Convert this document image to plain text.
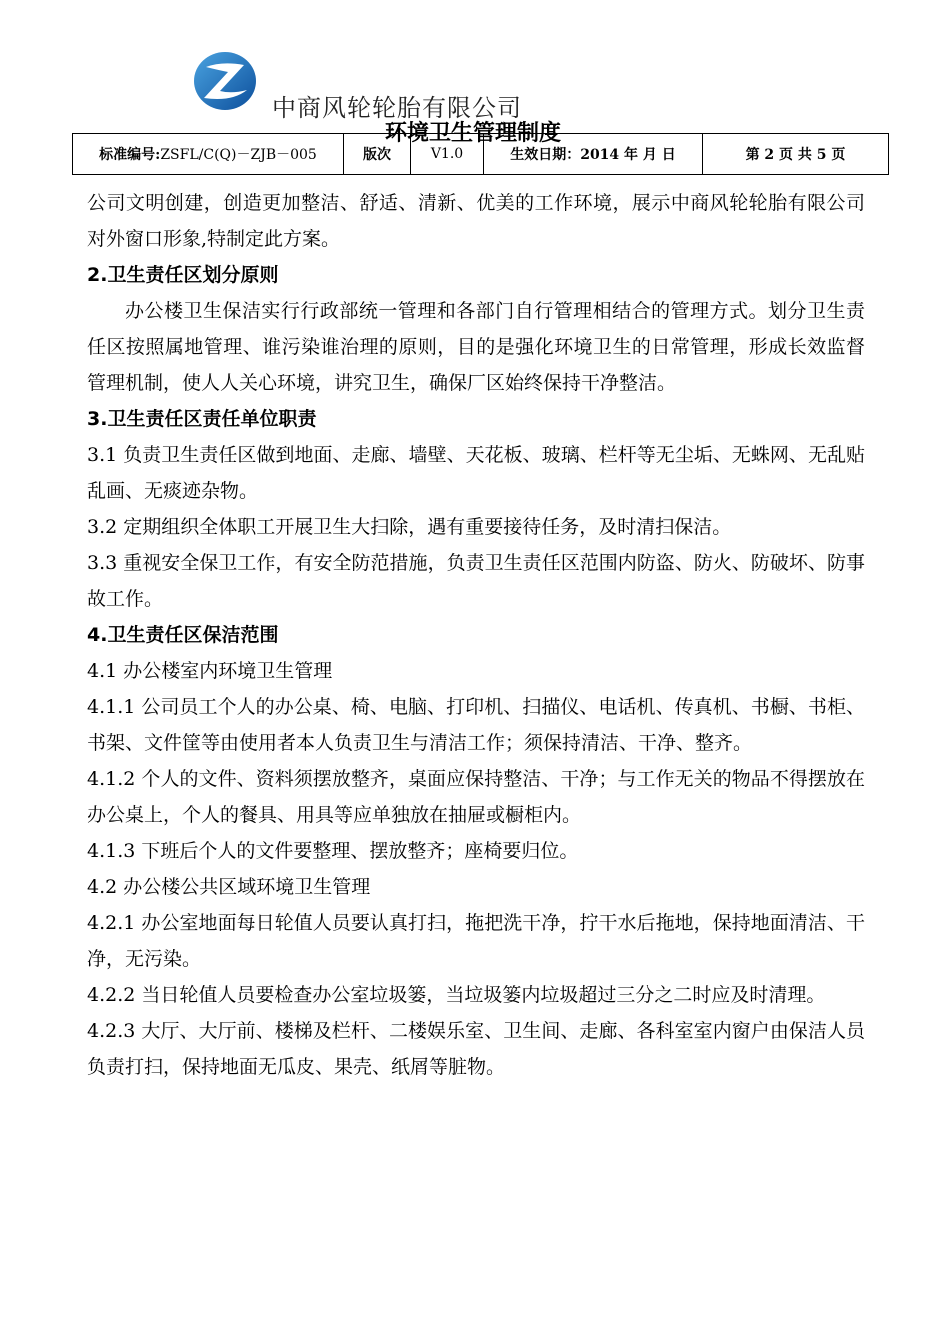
中商风轮轮胎有限公司
环境卫生管理制度
标准编号:ZSFL/C(Q)－ZJB－005	版次	V1.0	生效日期：2014 年 月 日	第 2 页 共 5 页

公司文明创建，创造更加整洁、舒适、清新、优美的工作环境，展示中商风轮轮胎有限公司对外窗口形象,特制定此方案。

2.卫生责任区划分原则

办公楼卫生保洁实行行政部统一管理和各部门自行管理相结合的管理方式。划分卫生责任区按照属地管理、谁污染谁治理的原则，目的是强化环境卫生的日常管理，形成长效监督管理机制，使人人关心环境，讲究卫生，确保厂区始终保持干净整洁。

3.卫生责任区责任单位职责

3.1 负责卫生责任区做到地面、走廊、墙壁、天花板、玻璃、栏杆等无尘垢、无蛛网、无乱贴乱画、无痰迹杂物。

3.2 定期组织全体职工开展卫生大扫除，遇有重要接待任务，及时清扫保洁。

3.3 重视安全保卫工作，有安全防范措施，负责卫生责任区范围内防盗、防火、防破坏、防事故工作。

4.卫生责任区保洁范围

4.1 办公楼室内环境卫生管理

4.1.1 公司员工个人的办公桌、椅、电脑、打印机、扫描仪、电话机、传真机、书橱、书柜、书架、文件筐等由使用者本人负责卫生与清洁工作；须保持清洁、干净、整齐。

4.1.2 个人的文件、资料须摆放整齐，桌面应保持整洁、干净；与工作无关的物品不得摆放在办公桌上，个人的餐具、用具等应单独放在抽屉或橱柜内。

4.1.3 下班后个人的文件要整理、摆放整齐；座椅要归位。

4.2 办公楼公共区域环境卫生管理

4.2.1 办公室地面每日轮值人员要认真打扫，拖把洗干净，拧干水后拖地，保持地面清洁、干净，无污染。

4.2.2 当日轮值人员要检查办公室垃圾篓，当垃圾篓内垃圾超过三分之二时应及时清理。

4.2.3 大厅、大厅前、楼梯及栏杆、二楼娱乐室、卫生间、走廊、各科室室内窗户由保洁人员负责打扫，保持地面无瓜皮、果壳、纸屑等脏物。
